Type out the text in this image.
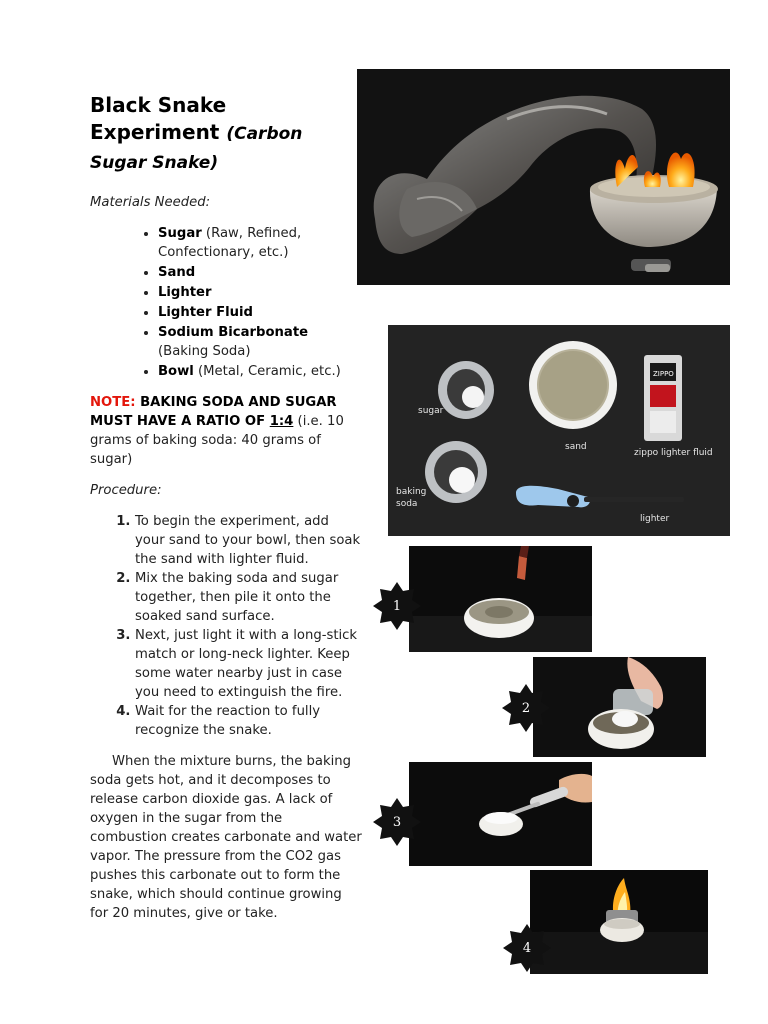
Black Snake Experiment (Carbon Sugar Snake)

Materials Needed:

• Sugar (Raw, Refined, Confectionary, etc.)
• Sand
• Lighter
• Lighter Fluid
• Sodium Bicarbonate (Baking Soda)
• Bowl (Metal, Ceramic, etc.)

NOTE: BAKING SODA AND SUGAR MUST HAVE A RATIO OF 1:4 (i.e. 10 grams of baking soda: 40 grams of sugar)

Procedure:

1. To begin the experiment, add your sand to your bowl, then soak the sand with lighter fluid.
2. Mix the baking soda and sugar together, then pile it onto the soaked sand surface.
3. Next, just light it with a long-stick match or long-neck lighter. Keep some water nearby just in case you need to extinguish the fire.
4. Wait for the reaction to fully recognize the snake.

When the mixture burns, the baking soda gets hot, and it decomposes to release carbon dioxide gas. A lack of oxygen in the sugar from the combustion creates carbonate and water vapor. The pressure from the CO2 gas pushes this carbonate out to form the snake, which should continue growing for 20 minutes, give or take.

sugar
sand
ZIPPO
zippo lighter fluid
baking
soda
lighter
1
2
3
4
